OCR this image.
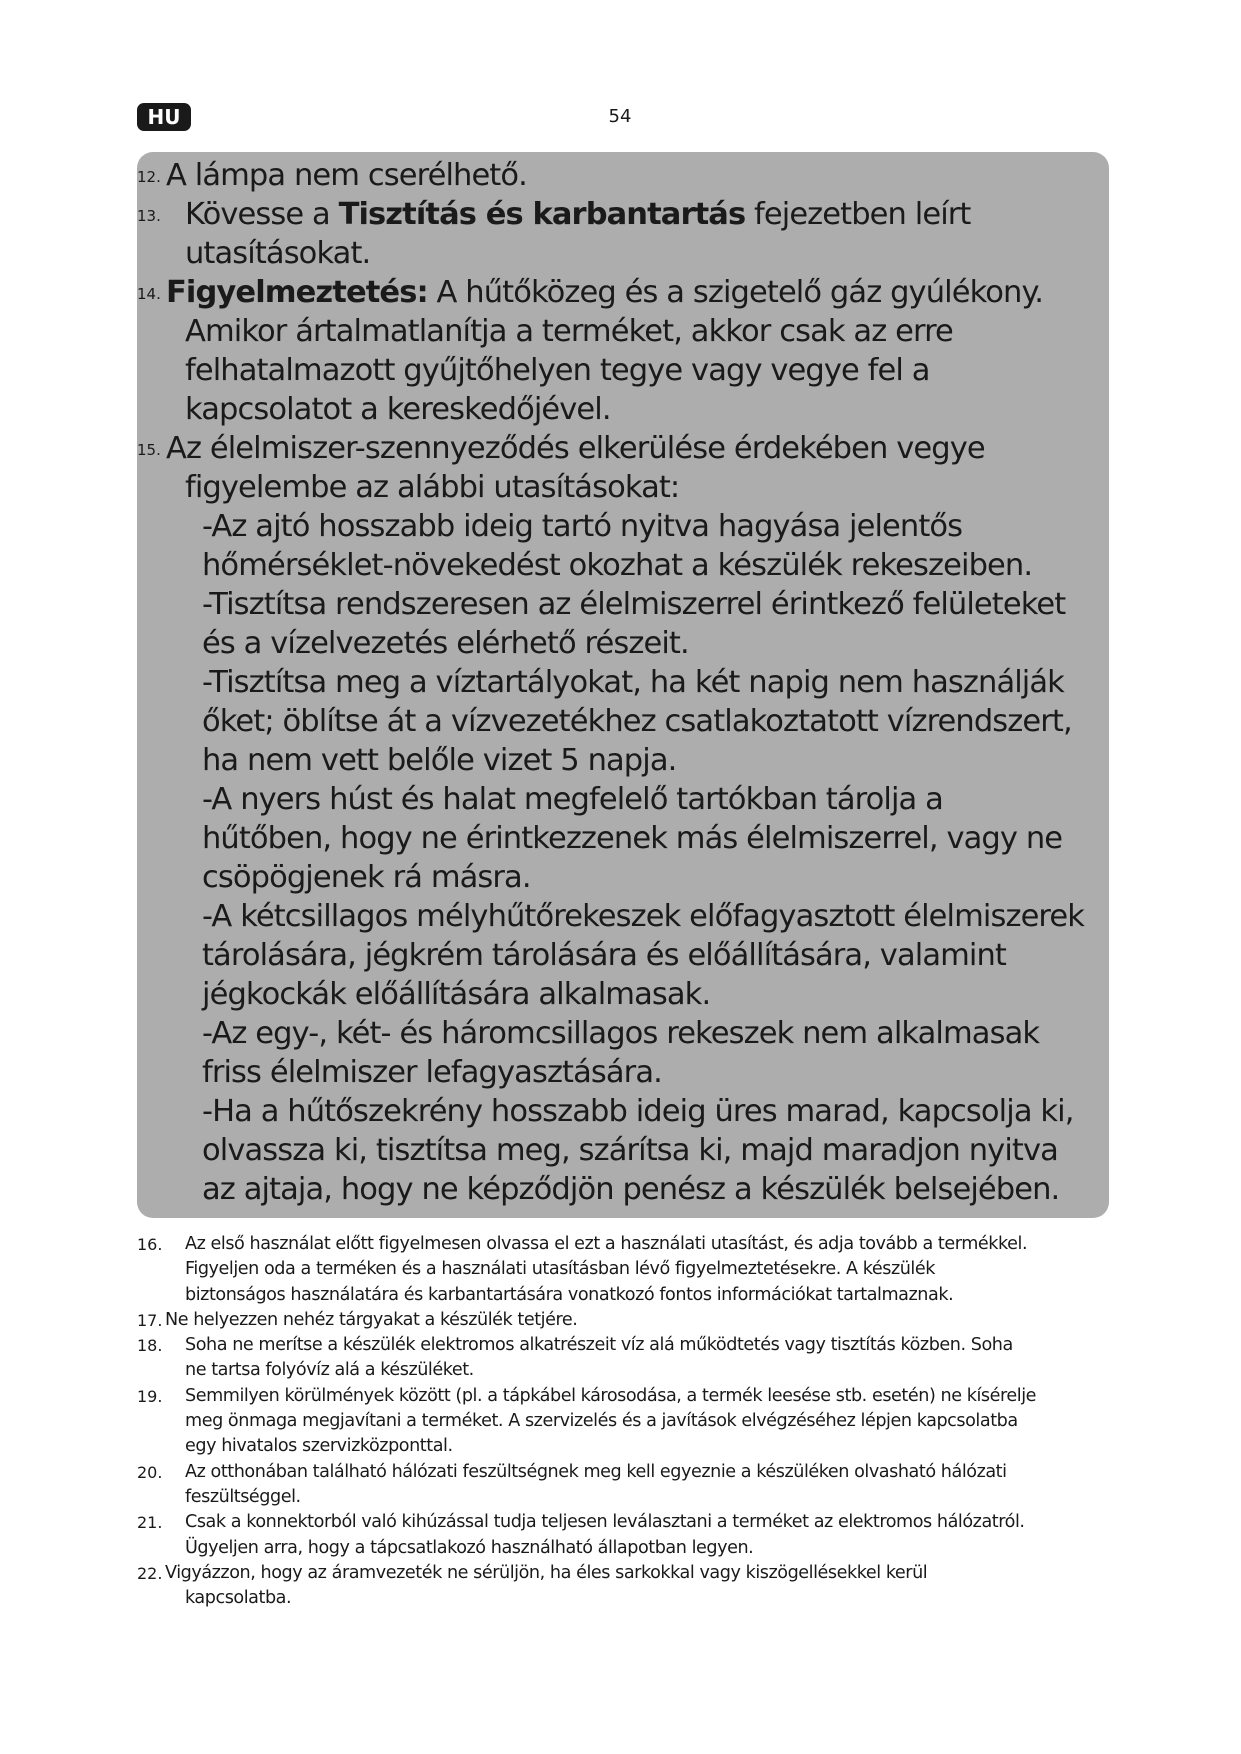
HU	54
12. A lámpa nem cserélhető.
13. Kövesse a Tisztítás és karbantartás fejezetben leírt
utasításokat.
14. Figyelmeztetés: A hűtőközeg és a szigetelő gáz gyúlékony.
Amikor ártalmatlanítja a terméket, akkor csak az erre
felhatalmazott gyűjtőhelyen tegye vagy vegye fel a
kapcsolatot a kereskedőjével.
15. Az élelmiszer-szennyeződés elkerülése érdekében vegye
figyelembe az alábbi utasításokat:
-Az ajtó hosszabb ideig tartó nyitva hagyása jelentős
hőmérséklet-növekedést okozhat a készülék rekeszeiben.
-Tisztítsa rendszeresen az élelmiszerrel érintkező felületeket
és a vízelvezetés elérhető részeit.
-Tisztítsa meg a víztartályokat, ha két napig nem használják
őket; öblítse át a vízvezetékhez csatlakoztatott vízrendszert,
ha nem vett belőle vizet 5 napja.
-A nyers húst és halat megfelelő tartókban tárolja a
hűtőben, hogy ne érintkezzenek más élelmiszerrel, vagy ne
csöpögjenek rá másra.
-A kétcsillagos mélyhűtőrekeszek előfagyasztott élelmiszerek
tárolására, jégkrém tárolására és előállítására, valamint
jégkockák előállítására alkalmasak.
-Az egy-, két- és háromcsillagos rekeszek nem alkalmasak
friss élelmiszer lefagyasztására.
-Ha a hűtőszekrény hosszabb ideig üres marad, kapcsolja ki,
olvassza ki, tisztítsa meg, szárítsa ki, majd maradjon nyitva
az ajtaja, hogy ne képződjön penész a készülék belsejében.
16. Az első használat előtt figyelmesen olvassa el ezt a használati utasítást, és adja tovább a termékkel.
Figyeljen oda a terméken és a használati utasításban lévő figyelmeztetésekre. A készülék
biztonságos használatára és karbantartására vonatkozó fontos információkat tartalmaznak.
17. Ne helyezzen nehéz tárgyakat a készülék tetjére.
18. Soha ne merítse a készülék elektromos alkatrészeit víz alá működtetés vagy tisztítás közben. Soha
ne tartsa folyóvíz alá a készüléket.
19. Semmilyen körülmények között (pl. a tápkábel károsodása, a termék leesése stb. esetén) ne kísérelje
meg önmaga megjavítani a terméket. A szervizelés és a javítások elvégzéséhez lépjen kapcsolatba
egy hivatalos szervizközponttal.
20. Az otthonában található hálózati feszültségnek meg kell egyeznie a készüléken olvasható hálózati
feszültséggel.
21. Csak a konnektorból való kihúzással tudja teljesen leválasztani a terméket az elektromos hálózatról.
Ügyeljen arra, hogy a tápcsatlakozó használható állapotban legyen.
22. Vigyázzon, hogy az áramvezeték ne sérüljön, ha éles sarkokkal vagy kiszögellésekkel kerül
kapcsolatba.
